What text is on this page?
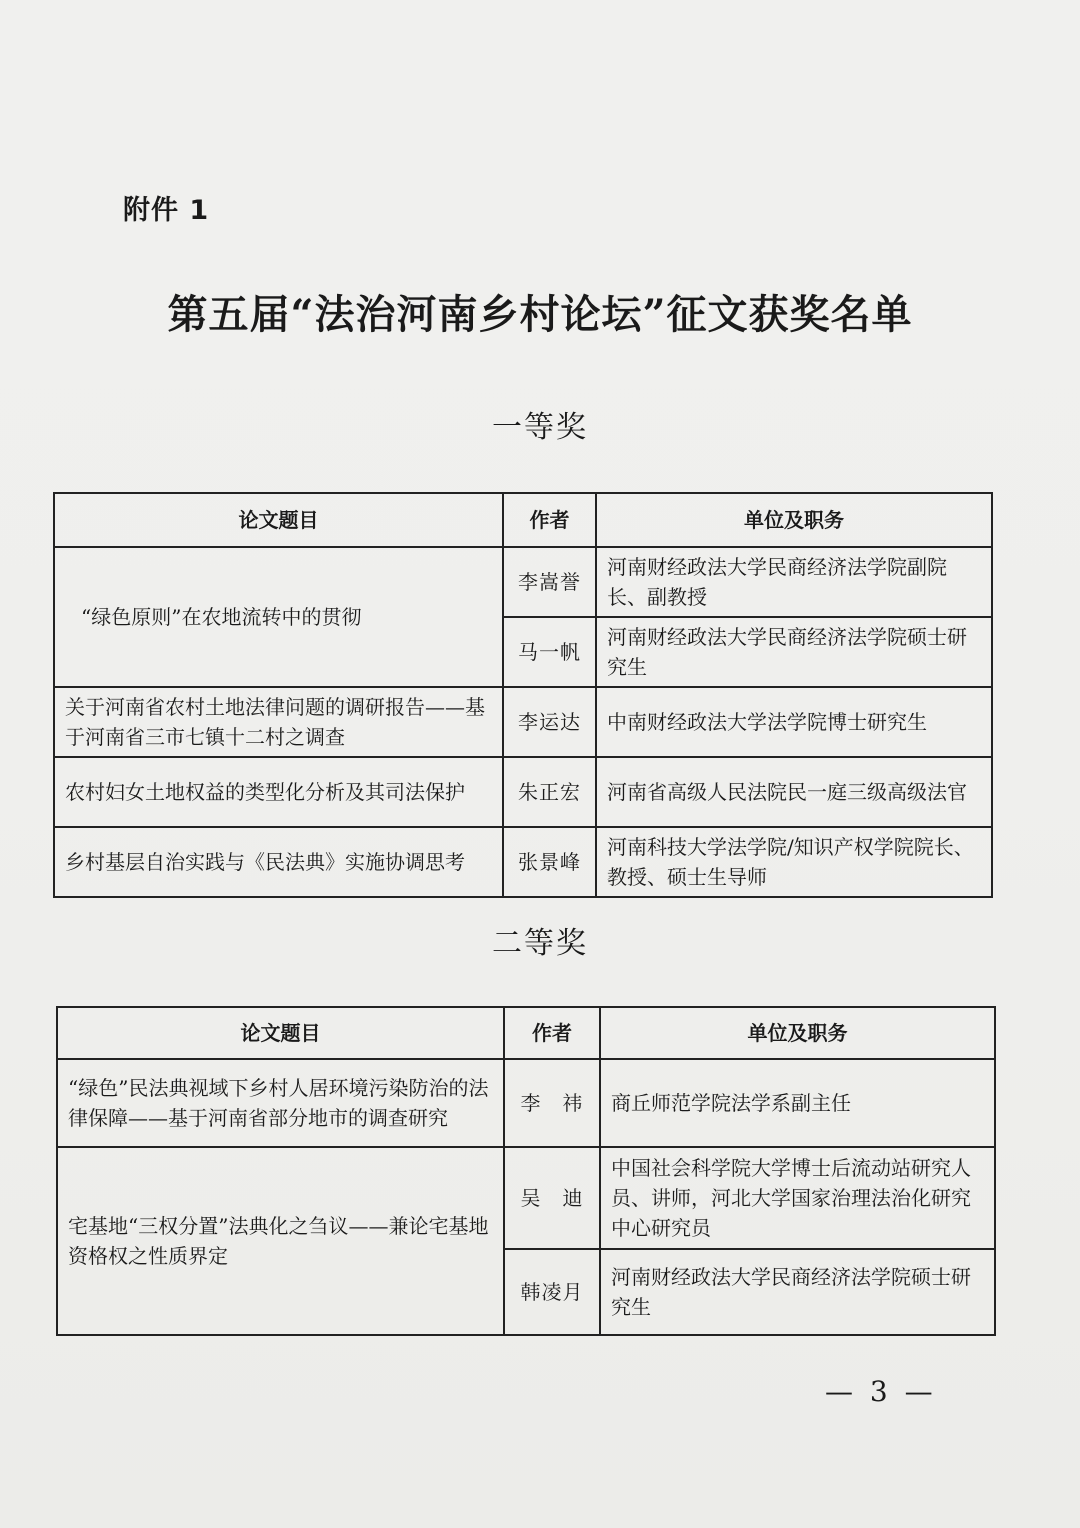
附件 1
第五届“法治河南乡村论坛”征文获奖名单
一等奖
论文题目	作者	单位及职务
“绿色原则”在农地流转中的贯彻	李嵩誉	河南财经政法大学民商经济法学院副院长、副教授
	马一帆	河南财经政法大学民商经济法学院硕士研究生
关于河南省农村土地法律问题的调研报告——基于河南省三市七镇十二村之调查	李运达	中南财经政法大学法学院博士研究生
农村妇女土地权益的类型化分析及其司法保护	朱正宏	河南省高级人民法院民一庭三级高级法官
乡村基层自治实践与《民法典》实施协调思考	张景峰	河南科技大学法学院/知识产权学院院长、教授、硕士生导师
二等奖
论文题目	作者	单位及职务
“绿色”民法典视域下乡村人居环境污染防治的法律保障——基于河南省部分地市的调查研究	李　祎	商丘师范学院法学系副主任
宅基地“三权分置”法典化之刍议——兼论宅基地资格权之性质界定	吴　迪	中国社会科学院大学博士后流动站研究人员、讲师，河北大学国家治理法治化研究中心研究员
	韩凌月	河南财经政法大学民商经济法学院硕士研究生
— 3 —
